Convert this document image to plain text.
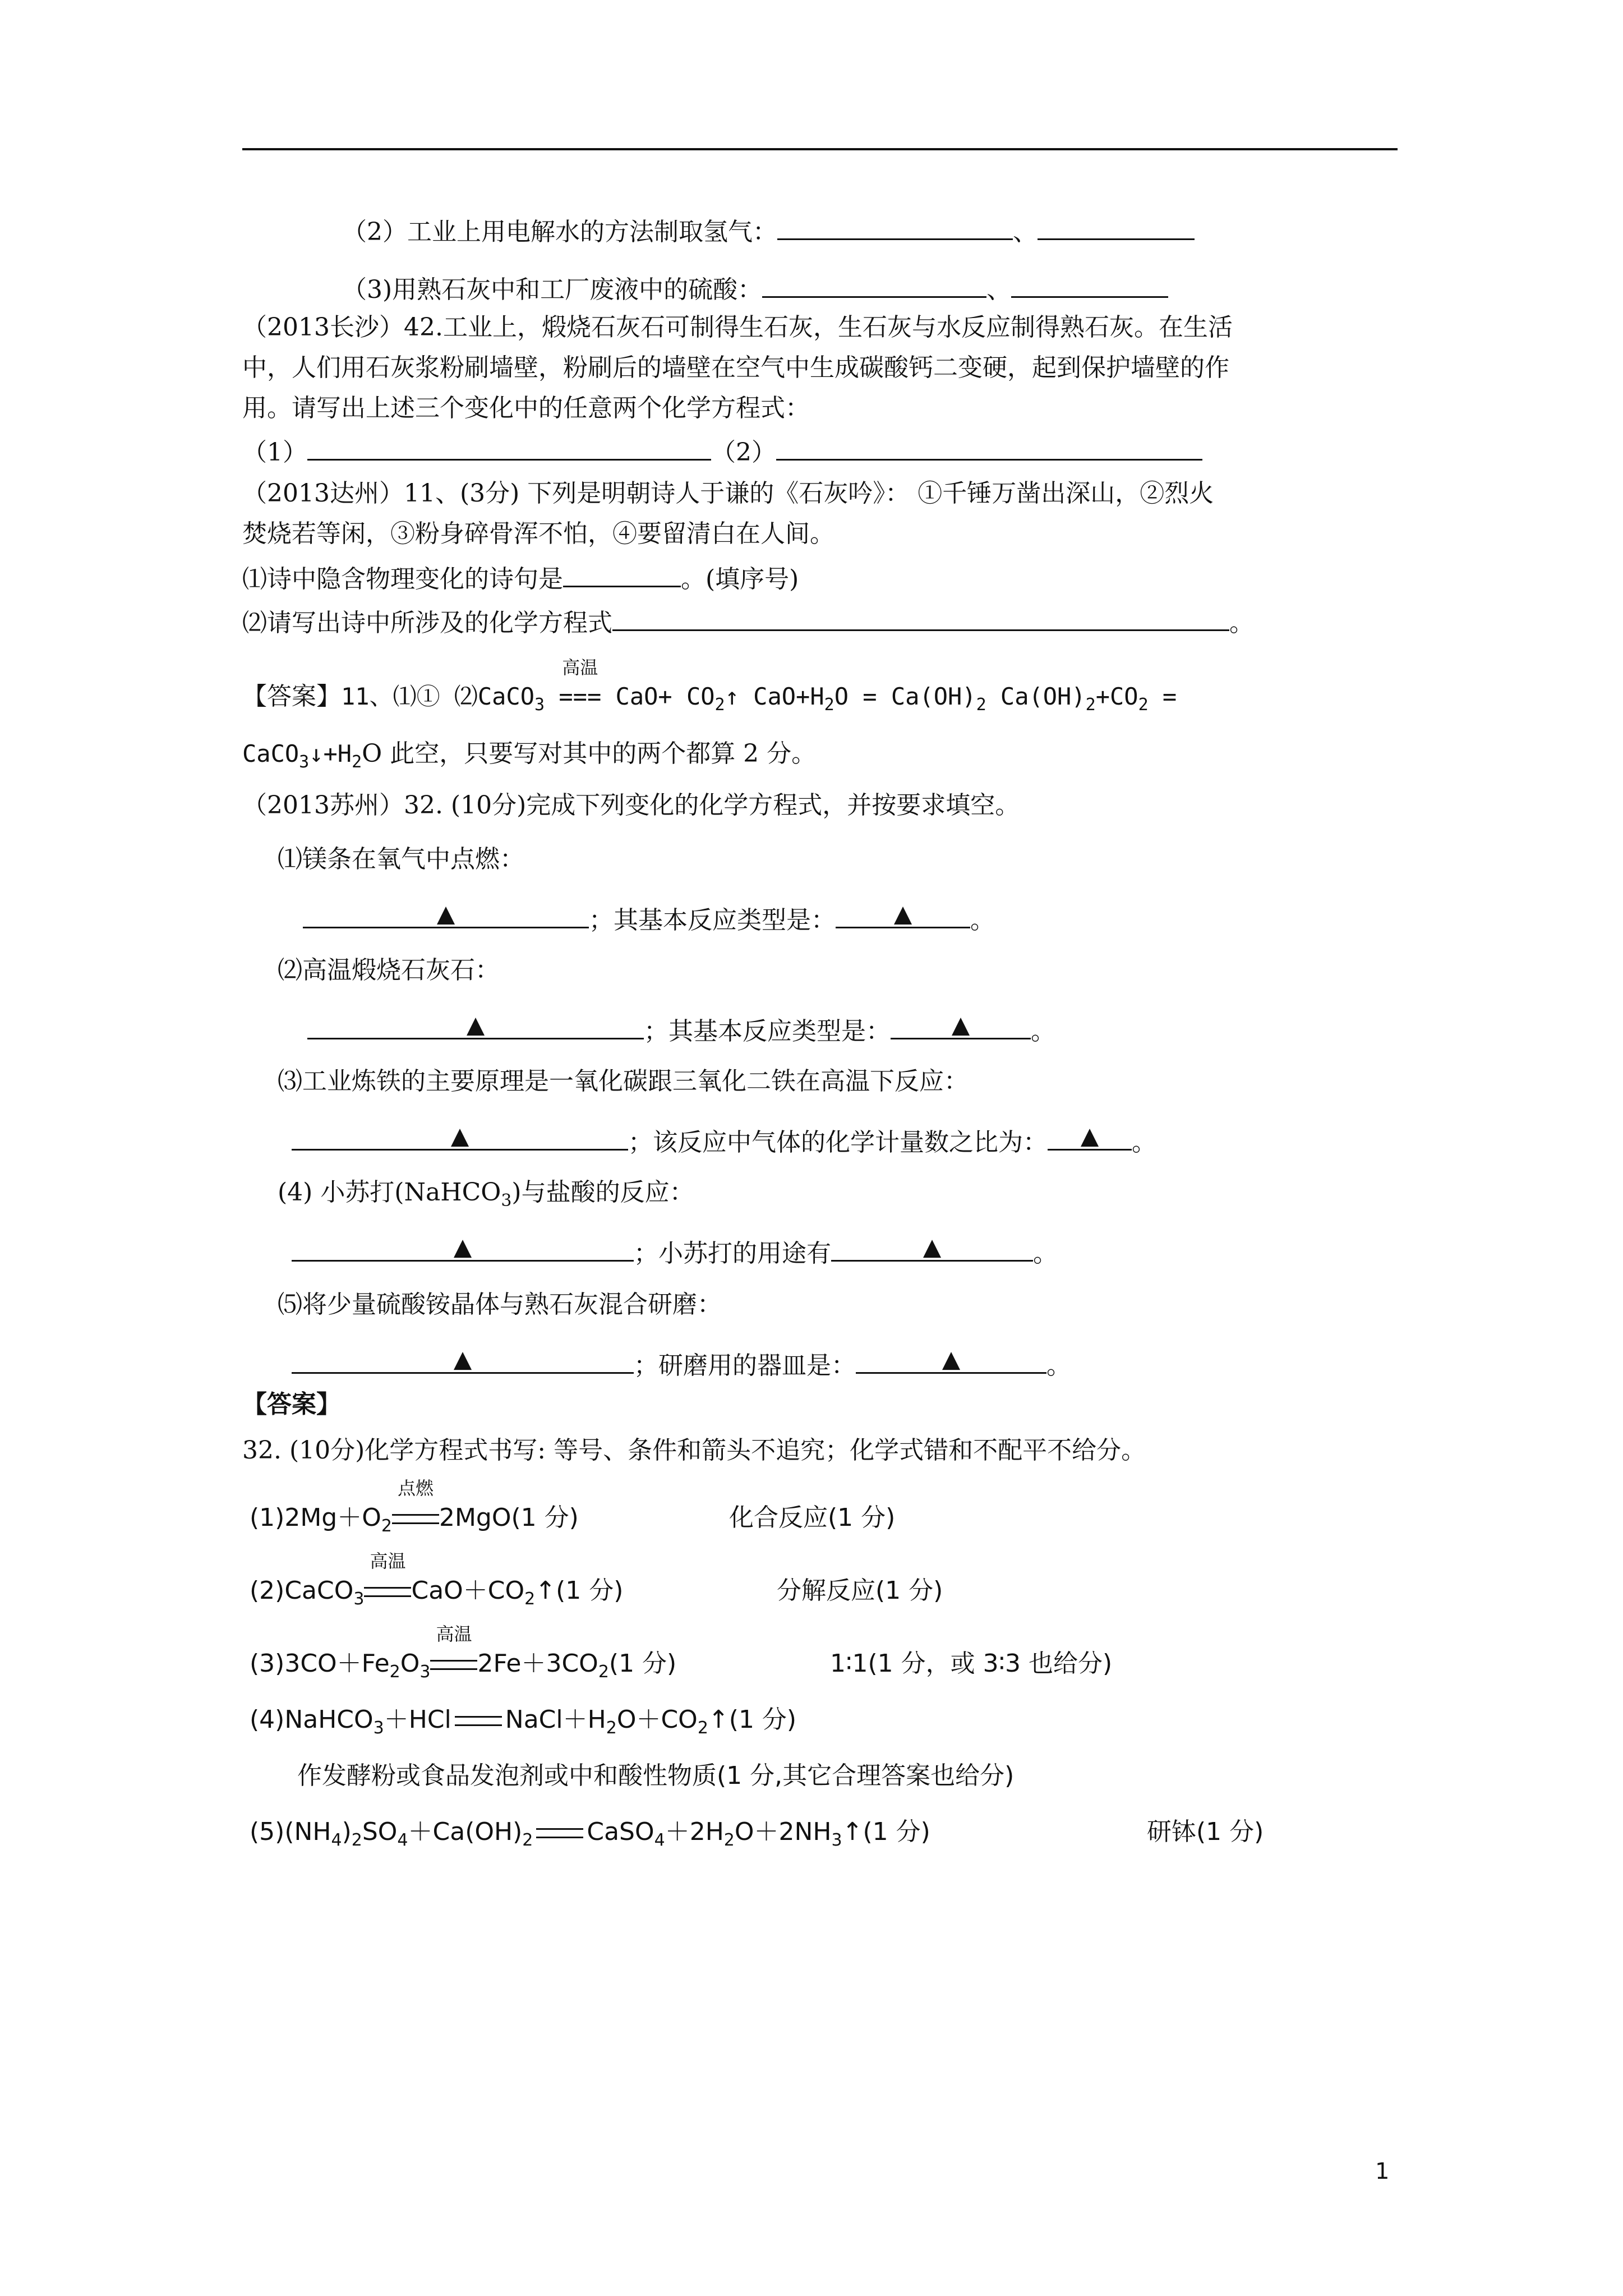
（2）工业上用电解水的方法制取氢气：	、
（3)用熟石灰中和工厂废液中的硫酸：	、
（2013长沙）42.工业上，煅烧石灰石可制得生石灰，生石灰与水反应制得熟石灰。在生活
中，人们用石灰浆粉刷墙壁，粉刷后的墙壁在空气中生成碳酸钙二变硬，起到保护墙壁的作
用。请写出上述三个变化中的任意两个化学方程式：
（1）	（2）
（2013达州）11、(3分) 下列是明朝诗人于谦的《石灰吟》： ①千锤万凿出深山，②烈火
焚烧若等闲，③粉身碎骨浑不怕，④要留清白在人间。
⑴诗中隐含物理变化的诗句是	。(填序号)
⑵请写出诗中所涉及的化学方程式	。
【答案】11、⑴① ⑵CaCO$_3$
高温
=== $CaO+ CO_2↑$ $CaO+H_2O = Ca(OH)_2$ $Ca(OH)_2+CO_2$ =
$CaCO_3↓+H_2O$ 此空，只要写对其中的两个都算 2 分。
（2013苏州）32. (10分)完成下列变化的化学方程式，并按要求填空。
⑴镁条在氧气中点燃：
▲	；其基本反应类型是： ▲ 。
⑵高温煅烧石灰石：
▲	；其基本反应类型是：	▲ 。
⑶工业炼铁的主要原理是一氧化碳跟三氧化二铁在高温下反应：
▲	；该反应中气体的化学计量数之比为： ▲ 。
(4) 小苏打(NaHCO$_3$)与盐酸的反应：
▲	；小苏打的用途有	▲	。
⑸将少量硫酸铵晶体与熟石灰混合研磨：
▲	；研磨用的器皿是：	▲	。
【答案】
32. (10分)化学方程式书写: 等号、条件和箭头不追究；化学式错和不配平不给分。
$(1)2Mg+O_2$
点燃
2MgO(1 分)	化合反应(1 分)
(2)CaCO$_3$
高温
$CaO+CO_2↑(1$ 分)	分解反应(1 分)
$(3)3CO+Fe_2O_3$
高温
$2Fe+3CO_2(1$ 分)	1∶1(1 分，或 3∶3 也给分)
(4)NaHCO$_3$＋HCl $NaCl+H_2O+CO_2↑(1$ 分)
作发酵粉或食品发泡剂或中和酸性物质(1 分,其它合理答案也给分)
$(5)(NH_4)_2SO_4+Ca(OH)_2$ $CaSO_4+2H_2O+2NH_3↑(1$ 分)	研钵(1 分)
1
